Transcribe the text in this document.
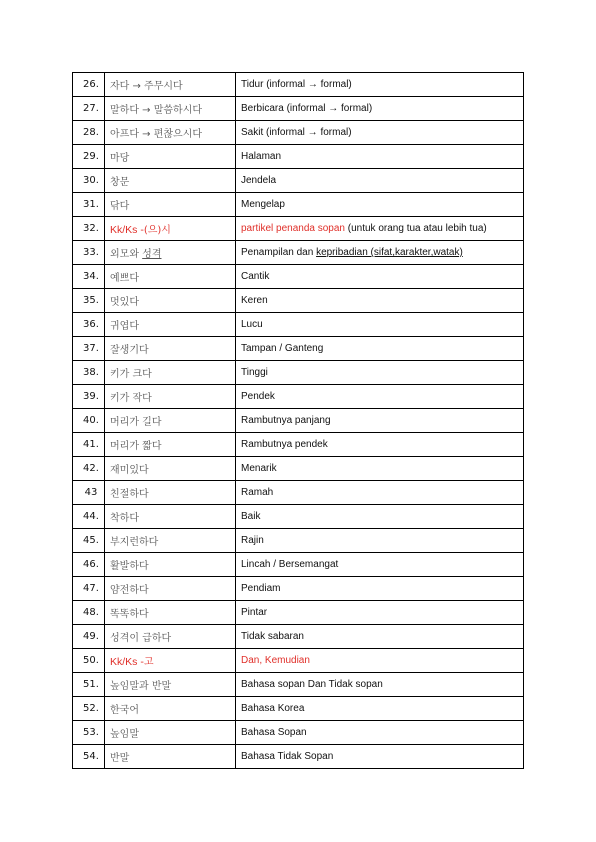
26.	자다 → 주무시다	Tidur (informal → formal)
27.	말하다 → 말씀하시다	Berbicara (informal → formal)
28.	아프다 → 편찮으시다	Sakit (informal → formal)
29.	마당	Halaman
30.	창문	Jendela
31.	닦다	Mengelap
32.	Kk/Ks -(으)시	partikel penanda sopan (untuk orang tua atau lebih tua)
33.	외모와 성격	Penampilan dan kepribadian (sifat,karakter,watak)
34.	예쁘다	Cantik
35.	멋있다	Keren
36.	귀엽다	Lucu
37.	잘생기다	Tampan / Ganteng
38.	키가 크다	Tinggi
39.	키가 작다	Pendek
40.	머리가 길다	Rambutnya panjang
41.	머리가 짧다	Rambutnya pendek
42.	재미있다	Menarik
43	친절하다	Ramah
44.	착하다	Baik
45.	부지런하다	Rajin
46.	활발하다	Lincah / Bersemangat
47.	얌전하다	Pendiam
48.	똑똑하다	Pintar
49.	성격이 급하다	Tidak sabaran
50.	Kk/Ks -고	Dan, Kemudian
51.	높임말과 반말	Bahasa sopan Dan Tidak sopan
52.	한국어	Bahasa Korea
53.	높임말	Bahasa Sopan
54.	반말	Bahasa Tidak Sopan
